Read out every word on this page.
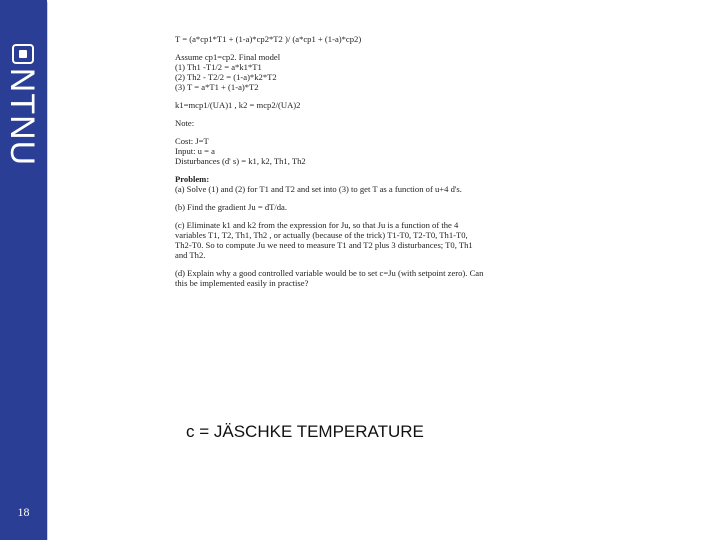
NTNU
18

T = (a*cp1*T1 + (1-a)*cp2*T2 )/ (a*cp1 + (1-a)*cp2)

Assume cp1=cp2. Final model
(1) Th1 -T1/2 = a*k1*T1
(2) Th2 - T2/2 = (1-a)*k2*T2
(3) T = a*T1 + (1-a)*T2

k1=mcp1/(UA)1 , k2 = mcp2/(UA)2

Note:

Cost: J=T
Input: u = a
Disturbances (d' s) = k1, k2, Th1, Th2

Problem:
(a) Solve (1) and (2) for T1 and T2 and set into (3) to get T as a function of u+4 d's.

(b) Find the gradient Ju = dT/da.

(c) Eliminate k1 and k2 from the expression for Ju, so that Ju is a function of the 4
variables T1, T2, Th1, Th2 , or actually (because of the trick) T1-T0, T2-T0, Th1-T0,
Th2-T0. So to compute Ju we need to measure T1 and T2 plus 3 disturbances; T0, Th1
and Th2.

(d) Explain why a good controlled variable would be to set c=Ju (with setpoint zero). Can
this be implemented easily in practise?

c = JÄSCHKE TEMPERATURE
